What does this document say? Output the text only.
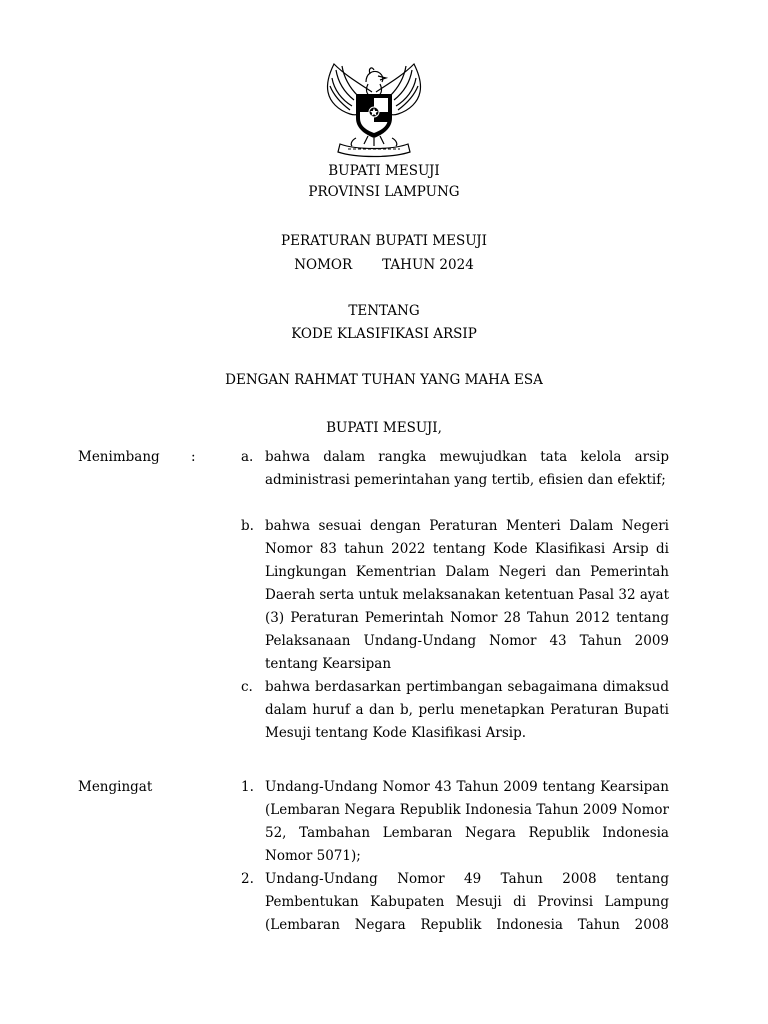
BUPATI MESUJI
PROVINSI LAMPUNG
PERATURAN BUPATI MESUJI
NOMOR       TAHUN 2024
TENTANG
KODE KLASIFIKASI ARSIP
DENGAN RAHMAT TUHAN YANG MAHA ESA
BUPATI MESUJI,
Menimbang :	a. bahwa dalam rangka mewujudkan tata kelola arsip administrasi pemerintahan yang tertib, efisien dan efektif;
b. bahwa sesuai dengan Peraturan Menteri Dalam Negeri Nomor 83 tahun 2022 tentang Kode Klasifikasi Arsip di Lingkungan Kementrian Dalam Negeri dan Pemerintah Daerah serta untuk melaksanakan ketentuan Pasal 32 ayat (3) Peraturan Pemerintah Nomor 28 Tahun 2012 tentang Pelaksanaan Undang-Undang Nomor 43 Tahun 2009 tentang Kearsipan
c. bahwa berdasarkan pertimbangan sebagaimana dimaksud dalam huruf a dan b, perlu menetapkan Peraturan Bupati Mesuji tentang Kode Klasifikasi Arsip.
Mengingat	1. Undang-Undang Nomor 43 Tahun 2009 tentang Kearsipan (Lembaran Negara Republik Indonesia Tahun 2009 Nomor 52, Tambahan Lembaran Negara Republik Indonesia Nomor 5071);
2. Undang-Undang Nomor 49 Tahun 2008 tentang Pembentukan Kabupaten Mesuji di Provinsi Lampung (Lembaran Negara Republik Indonesia Tahun 2008
